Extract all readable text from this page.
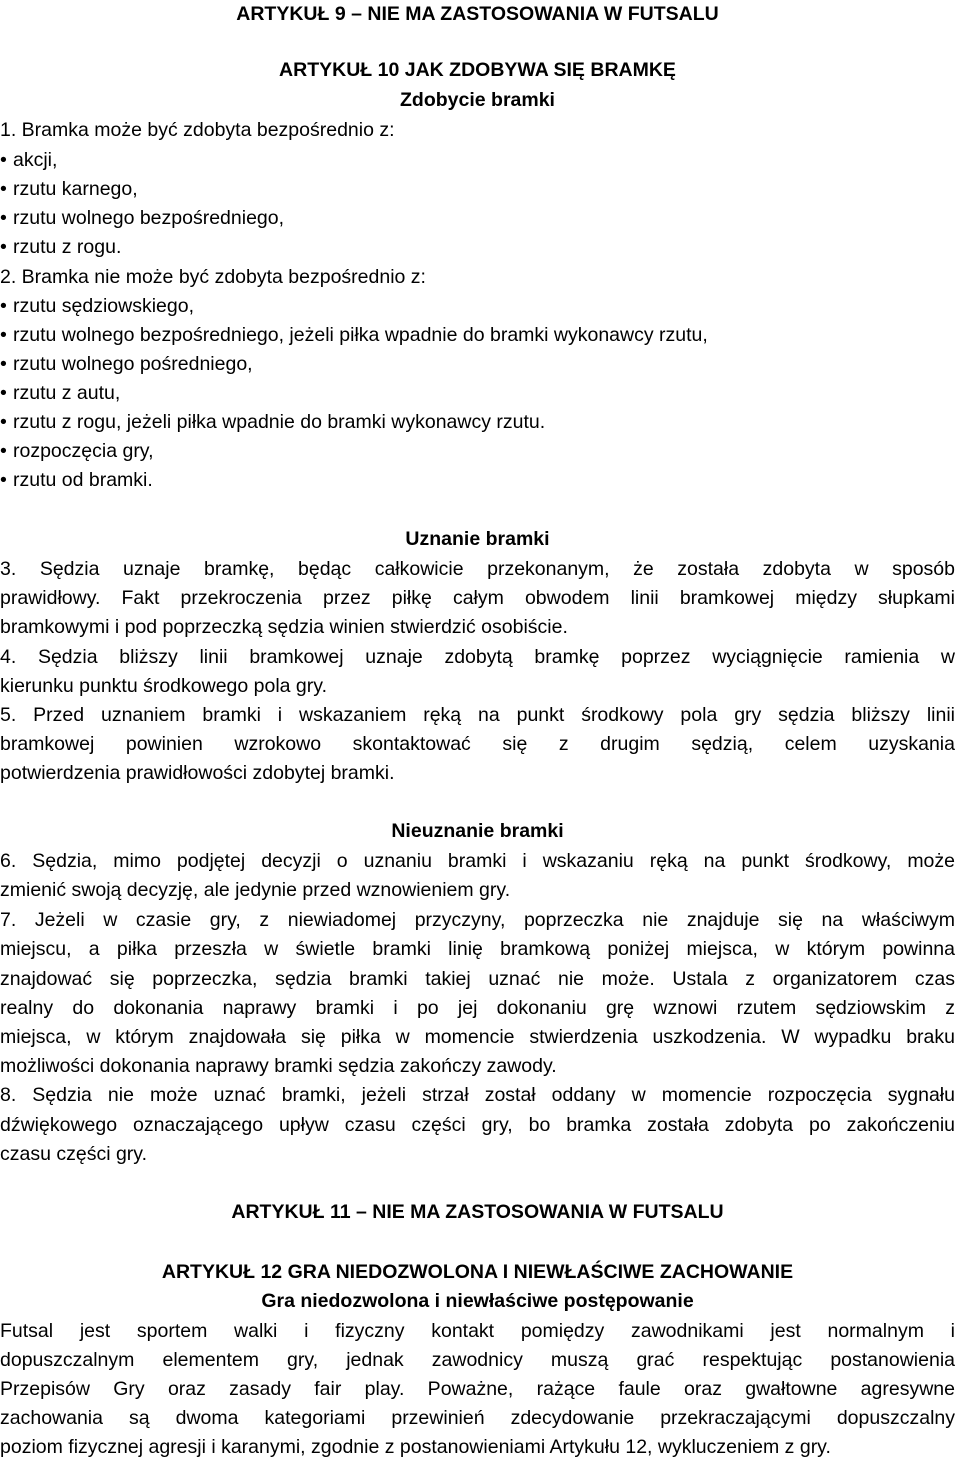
ARTYKUŁ 9 – NIE MA ZASTOSOWANIA W FUTSALU
ARTYKUŁ 10 JAK ZDOBYWA SIĘ BRAMKĘ
Zdobycie bramki
1. Bramka może być zdobyta bezpośrednio z:
• akcji,
• rzutu karnego,
• rzutu wolnego bezpośredniego,
• rzutu z rogu.
2. Bramka nie może być zdobyta bezpośrednio z:
• rzutu sędziowskiego,
• rzutu wolnego bezpośredniego, jeżeli piłka wpadnie do bramki wykonawcy rzutu,
• rzutu wolnego pośredniego,
• rzutu z autu,
• rzutu z rogu, jeżeli piłka wpadnie do bramki wykonawcy rzutu.
• rozpoczęcia gry,
• rzutu od bramki.
Uznanie bramki
3. Sędzia uznaje bramkę, będąc całkowicie przekonanym, że została zdobyta w sposób
prawidłowy. Fakt przekroczenia przez piłkę całym obwodem linii bramkowej między słupkami
bramkowymi i pod poprzeczką sędzia winien stwierdzić osobiście.
4. Sędzia bliższy linii bramkowej uznaje zdobytą bramkę poprzez wyciągnięcie ramienia w
kierunku punktu środkowego pola gry.
5. Przed uznaniem bramki i wskazaniem ręką na punkt środkowy pola gry sędzia bliższy linii
bramkowej powinien wzrokowo skontaktować się z drugim sędzią, celem uzyskania
potwierdzenia prawidłowości zdobytej bramki.
Nieuznanie bramki
6. Sędzia, mimo podjętej decyzji o uznaniu bramki i wskazaniu ręką na punkt środkowy, może
zmienić swoją decyzję, ale jedynie przed wznowieniem gry.
7. Jeżeli w czasie gry, z niewiadomej przyczyny, poprzeczka nie znajduje się na właściwym
miejscu, a piłka przeszła w świetle bramki linię bramkową poniżej miejsca, w którym powinna
znajdować się poprzeczka, sędzia bramki takiej uznać nie może. Ustala z organizatorem czas
realny do dokonania naprawy bramki i po jej dokonaniu grę wznowi rzutem sędziowskim z
miejsca, w którym znajdowała się piłka w momencie stwierdzenia uszkodzenia. W wypadku braku
możliwości dokonania naprawy bramki sędzia zakończy zawody.
8. Sędzia nie może uznać bramki, jeżeli strzał został oddany w momencie rozpoczęcia sygnału
dźwiękowego oznaczającego upływ czasu części gry, bo bramka została zdobyta po zakończeniu
czasu części gry.
ARTYKUŁ 11 – NIE MA ZASTOSOWANIA W FUTSALU
ARTYKUŁ 12 GRA NIEDOZWOLONA I NIEWŁAŚCIWE ZACHOWANIE
Gra niedozwolona i niewłaściwe postępowanie
Futsal jest sportem walki i fizyczny kontakt pomiędzy zawodnikami jest normalnym i
dopuszczalnym elementem gry, jednak zawodnicy muszą grać respektując postanowienia
Przepisów Gry oraz zasady fair play. Poważne, rażące faule oraz gwałtowne agresywne
zachowania są dwoma kategoriami przewinień zdecydowanie przekraczającymi dopuszczalny
poziom fizycznej agresji i karanymi, zgodnie z postanowieniami Artykułu 12, wykluczeniem z gry.
